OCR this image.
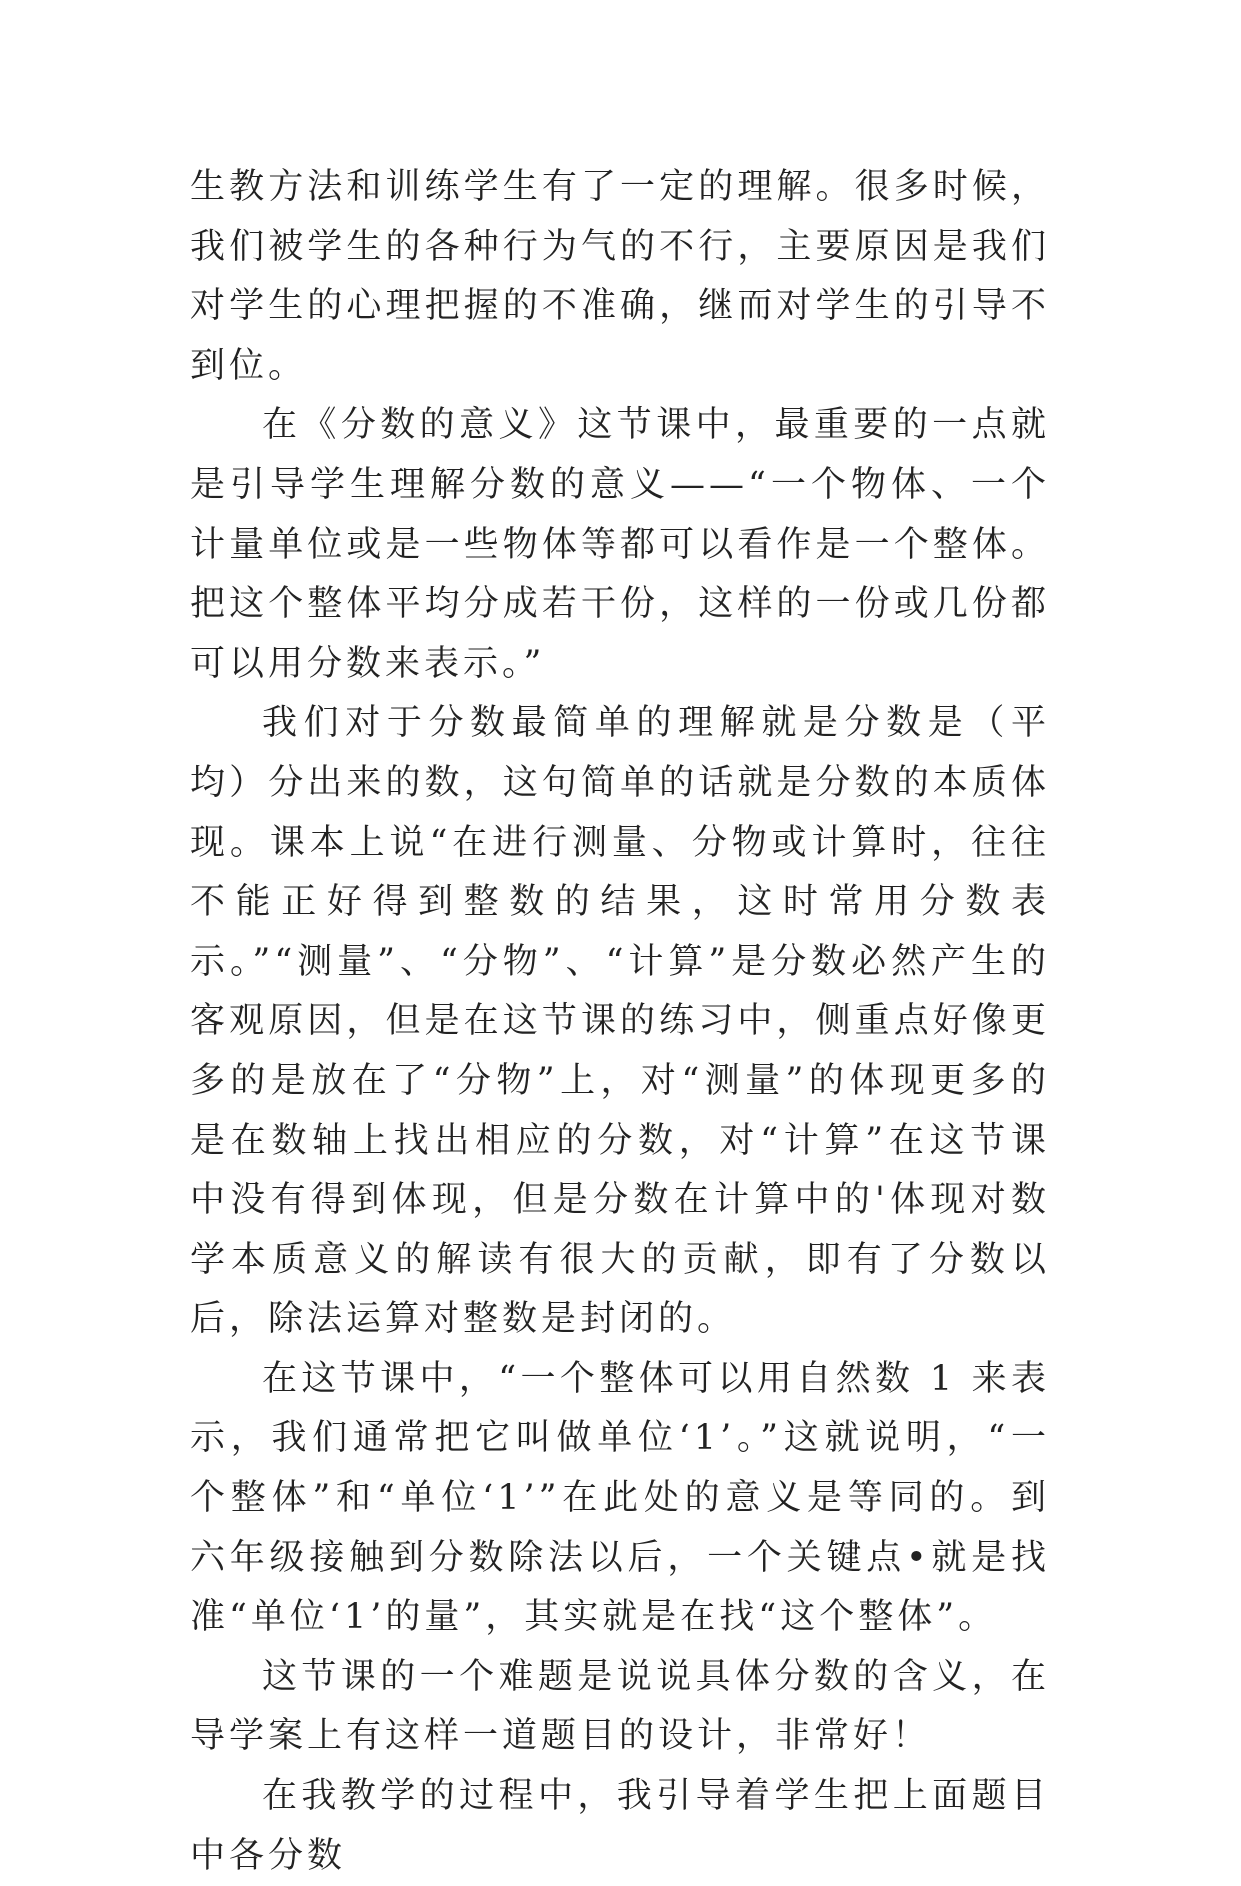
生教方法和训练学生有了一定的理解。很多时候，我们被学生的各种行为气的不行，主要原因是我们对学生的心理把握的不准确，继而对学生的引导不到位。

在《分数的意义》这节课中，最重要的一点就是引导学生理解分数的意义——“一个物体、一个计量单位或是一些物体等都可以看作是一个整体。把这个整体平均分成若干份，这样的一份或几份都可以用分数来表示。”

我们对于分数最简单的理解就是分数是（平均）分出来的数，这句简单的话就是分数的本质体现。课本上说“在进行测量、分物或计算时，往往不能正好得到整数的结果，这时常用分数表示。”“测量”、“分物”、“计算”是分数必然产生的客观原因，但是在这节课的练习中，侧重点好像更多的是放在了“分物”上，对“测量”的体现更多的是在数轴上找出相应的分数，对“计算”在这节课中没有得到体现，但是分数在计算中的'体现对数学本质意义的解读有很大的贡献，即有了分数以后，除法运算对整数是封闭的。

在这节课中，“一个整体可以用自然数 1 来表示，我们通常把它叫做单位‘1’。”这就说明，“一个整体”和“单位‘1’”在此处的意义是等同的。到六年级接触到分数除法以后，一个关键点•就是找准“单位‘1’的量”，其实就是在找“这个整体”。

这节课的一个难题是说说具体分数的含义，在导学案上有这样一道题目的设计，非常好！

在我教学的过程中，我引导着学生把上面题目中各分数
